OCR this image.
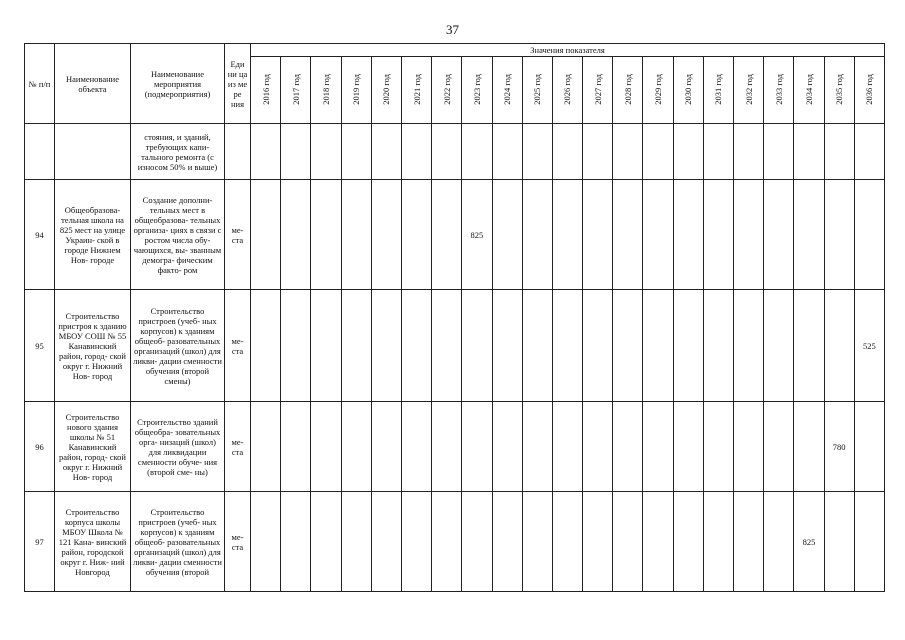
37
№ п/п	Наименование объекта	Наименование мероприятия (подмероприятия)	Еди ни ца из ме ре ния	Значения показателя																				

				2016 год	2017 год	2018 год	2019 год	2020 год	2021 год	2022 год	2023 год	2024 год	2025 год	2026 год	2027 год	2028 год	2029 год	2030 год	2031 год	2032 год	2033 год	2034 год	2035 год	2036 год

		стояния, и зданий, требующих капи- тального ремонта (с износом 50% и выше)																						

94	Общеобразова- тельная школа на 825 мест на улице Украин- ской в городе Нижнем Нов- городе	Создание дополни- тельных мест в общеобразова- тельных организа- циях в связи с ростом числа обу- чающихся, вы- званным демогра- фическим факто- ром	ме- ста								825													

95	Строительство пристроя к зданию МБОУ СОШ № 55 Канавинский район, город- ской округ г. Нижний Нов- город	Строительство пристроев (учеб- ных корпусов) к зданиям общеоб- разовательных организаций (школ) для ликви- дации сменности обучения (второй смены)	ме- ста																					525

96	Строительство нового здания школы № 51 Канавинский район, город- ской округ г. Нижний Нов- город	Строительство зданий общеобра- зовательных орга- низаций (школ) для ликвидации сменности обуче- ния (второй сме- ны)	ме- ста																				780	

97	Строительство корпуса школы МБОУ Школа № 121 Кана- винский район, городской округ г. Ниж- ний Новгород	Строительство пристроев (учеб- ных корпусов) к зданиям общеоб- разовательных организаций (школ) для ликви- дации сменности обучения (второй	ме- ста																			825		
